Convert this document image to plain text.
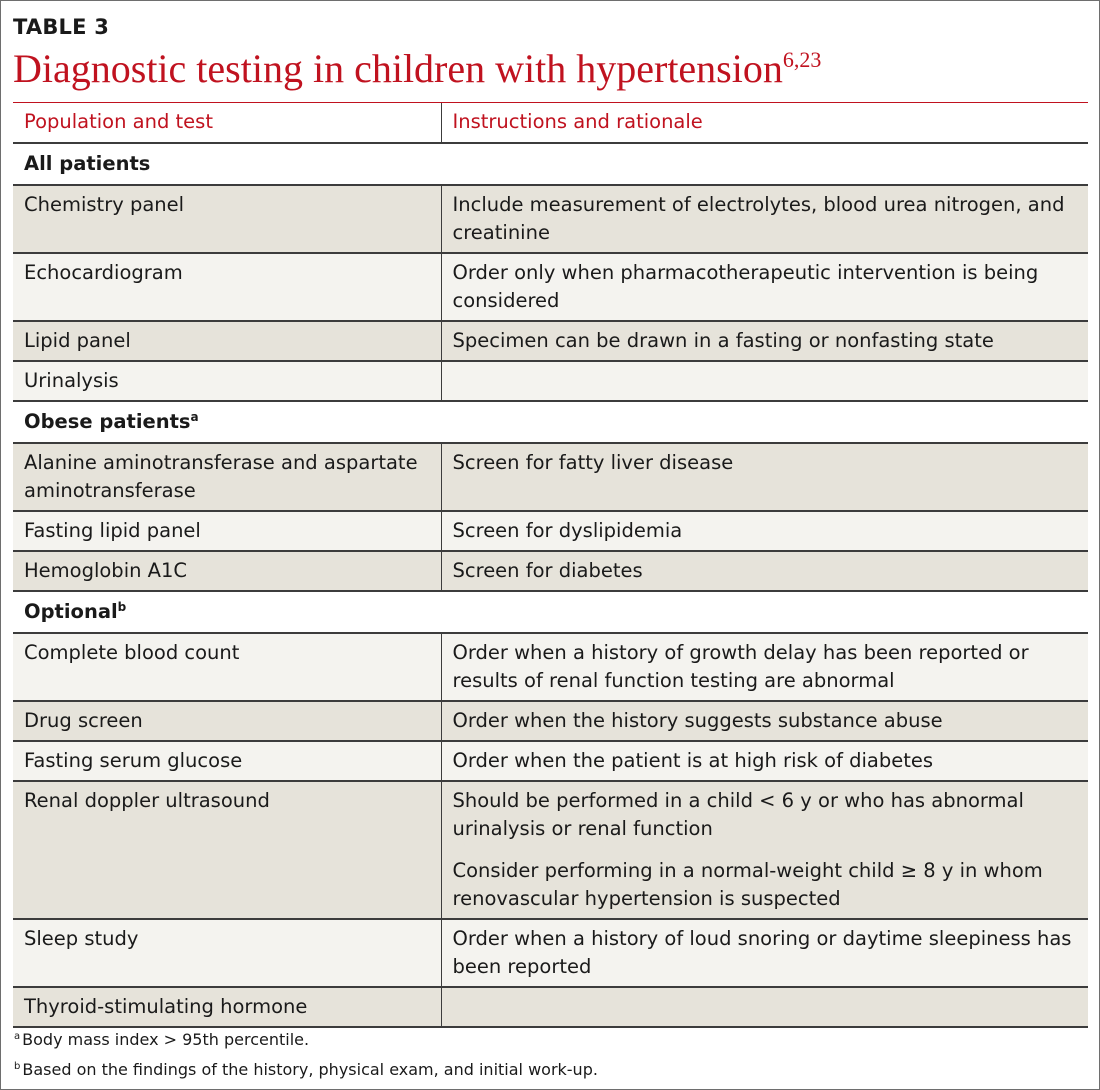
TABLE 3
Diagnostic testing in children with hypertension$^{6,23}$
Population and test	Instructions and rationale
All patients	
Chemistry panel	Include measurement of electrolytes, blood urea nitrogen, and creatinine

Echocardiogram	Order only when pharmacotherapeutic intervention is being considered

Lipid panel	Specimen can be drawn in a fasting or nonfasting state

Urinalysis	
Obese patients$^a$
Alanine aminotransferase and aspartate aminotransferase	Screen for fatty liver disease

Fasting lipid panel	Screen for dyslipidemia

Hemoglobin A1C	Screen for diabetes

Optional$^b$
Complete blood count	Order when a history of growth delay has been reported or results of renal function testing are abnormal

Drug screen	Order when the history suggests substance abuse

Fasting serum glucose	Order when the patient is at high risk of diabetes

Renal doppler ultrasound	Should be performed in a child < 6 y or who has abnormal urinalysis or renal function
Consider performing in a normal-weight child ≥ 8 y in whom renovascular hypertension is suspected

Sleep study	Order when a history of loud snoring or daytime sleepiness has been reported

Thyroid-stimulating hormone	
$^a$ Body mass index > 95th percentile.
$^b$ Based on the findings of the history, physical exam, and initial work-up.
